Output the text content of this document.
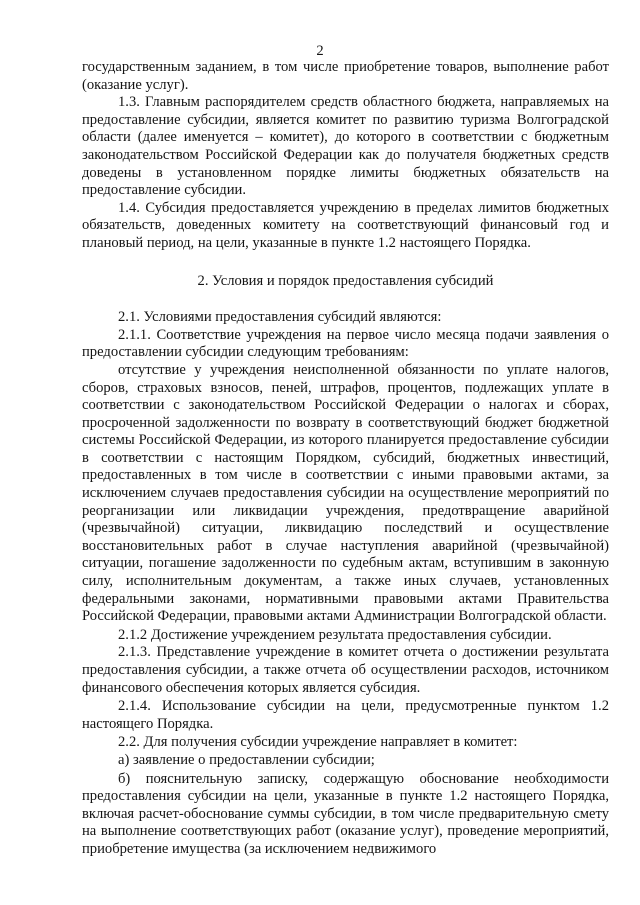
2

государственным заданием, в том числе приобретение товаров, выполнение работ (оказание услуг).

1.3. Главным распорядителем средств областного бюджета, направляемых на предоставление субсидии, является комитет по развитию туризма Волгоградской области (далее именуется – комитет), до которого в соответствии с бюджетным законодательством Российской Федерации как до получателя бюджетных средств доведены в установленном порядке лимиты бюджетных обязательств на предоставление субсидии.

1.4. Субсидия предоставляется учреждению в пределах лимитов бюджетных обязательств, доведенных комитету на соответствующий финансовый год и плановый период, на цели, указанные в пункте 1.2 настоящего Порядка.

2. Условия и порядок предоставления субсидий

2.1. Условиями предоставления субсидий являются:

2.1.1. Соответствие учреждения на первое число месяца подачи заявления о предоставлении субсидии следующим требованиям:

отсутствие у учреждения неисполненной обязанности по уплате налогов, сборов, страховых взносов, пеней, штрафов, процентов, подлежащих уплате в соответствии с законодательством Российской Федерации о налогах и сборах, просроченной задолженности по возврату в соответствующий бюджет бюджетной системы Российской Федерации, из которого планируется предоставление субсидии в соответствии с настоящим Порядком, субсидий, бюджетных инвестиций, предоставленных в том числе в соответствии с иными правовыми актами, за исключением случаев предоставления субсидии на осуществление мероприятий по реорганизации или ликвидации учреждения, предотвращение аварийной (чрезвычайной) ситуации, ликвидацию последствий и осуществление восстановительных работ в случае наступления аварийной (чрезвычайной) ситуации, погашение задолженности по судебным актам, вступившим в законную силу, исполнительным документам, а также иных случаев, установленных федеральными законами, нормативными правовыми актами Правительства Российской Федерации, правовыми актами Администрации Волгоградской области.

2.1.2 Достижение учреждением результата предоставления субсидии.

2.1.3. Представление учреждение в комитет отчета о достижении результата предоставления субсидии, а также отчета об осуществлении расходов, источником финансового обеспечения которых является субсидия.

2.1.4. Использование субсидии на цели, предусмотренные пунктом 1.2 настоящего Порядка.

2.2. Для получения субсидии учреждение направляет в комитет:

а) заявление о предоставлении субсидии;

б) пояснительную записку, содержащую обоснование необходимости предоставления субсидии на цели, указанные в пункте 1.2 настоящего Порядка, включая расчет-обоснование суммы субсидии, в том числе предварительную смету на выполнение соответствующих работ (оказание услуг), проведение мероприятий, приобретение имущества (за исключением недвижимого
